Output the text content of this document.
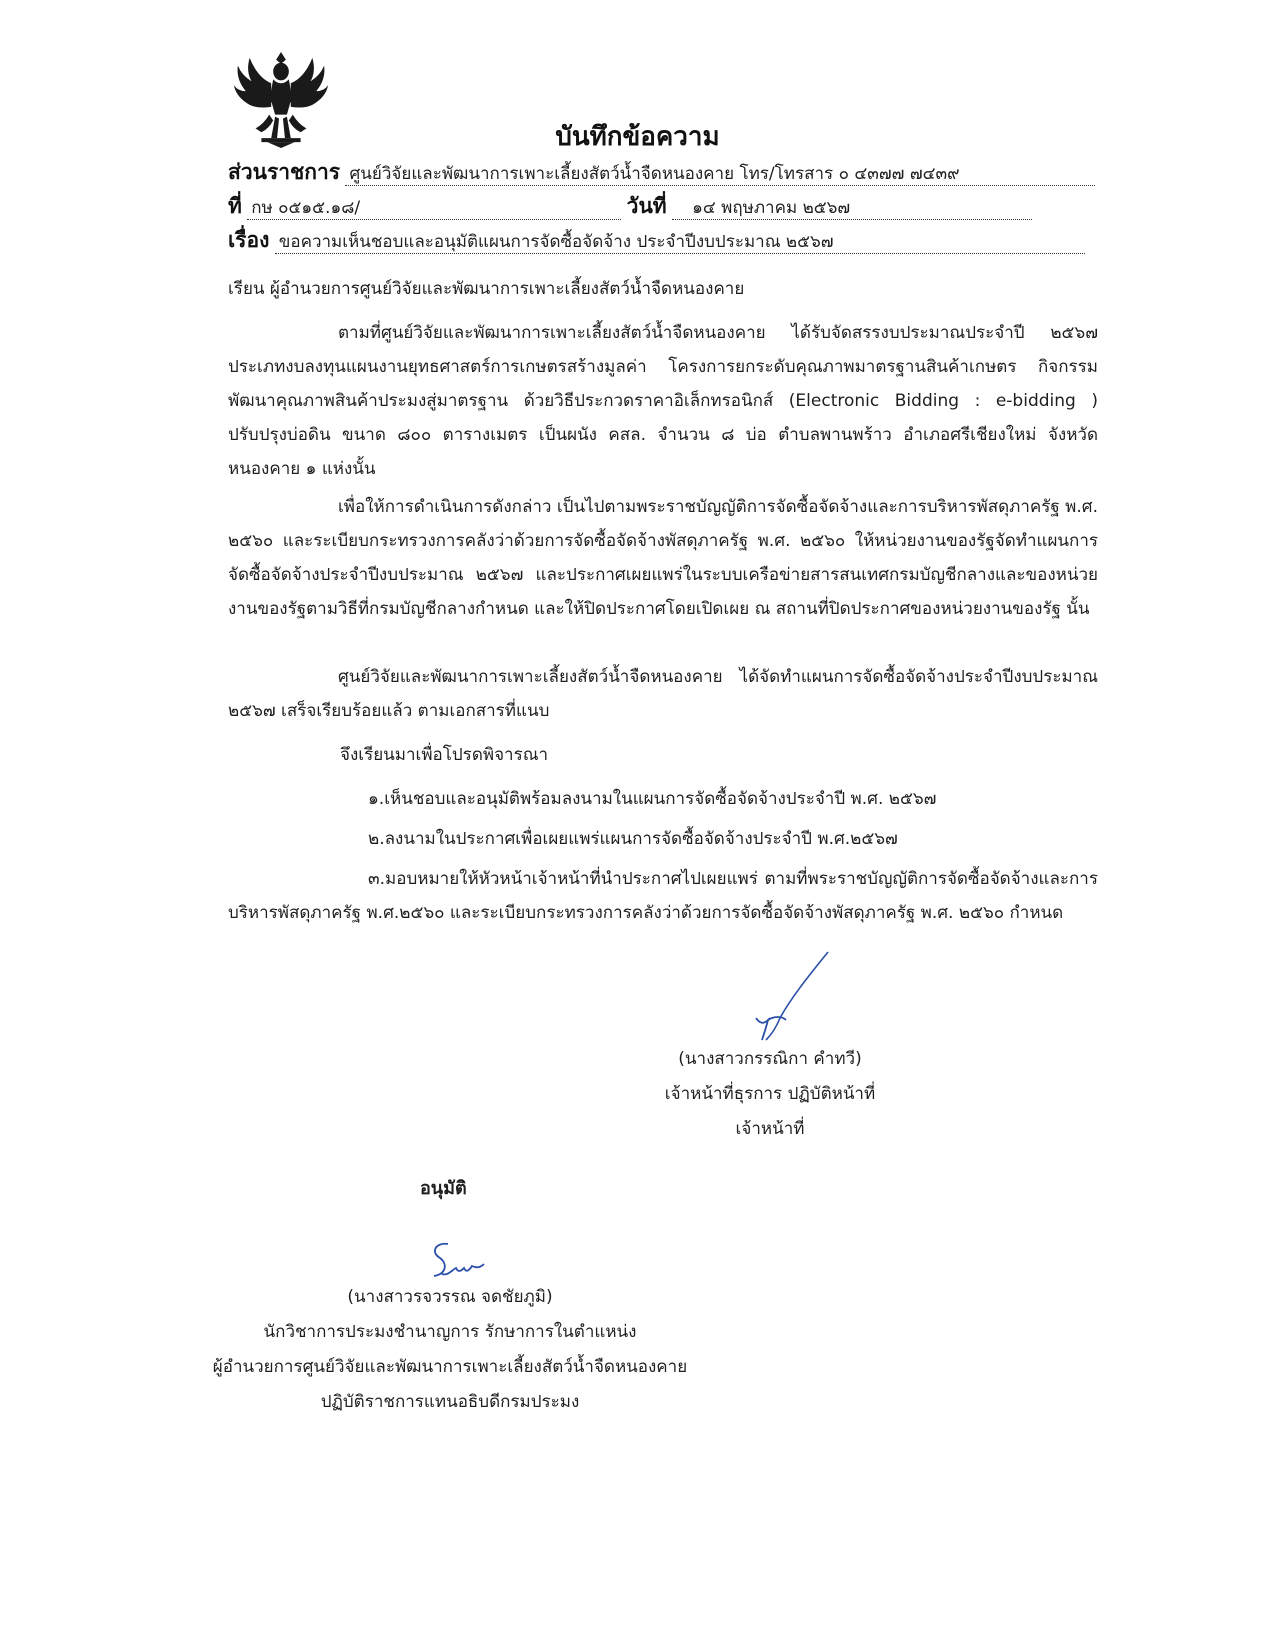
บันทึกข้อความ
ส่วนราชการ ศูนย์วิจัยและพัฒนาการเพาะเลี้ยงสัตว์น้ำจืดหนองคาย โทร/โทรสาร ๐ ๔๓๗๗ ๗๔๓๙
ที่ กษ ๐๕๑๕.๑๘/	วันที่ ๑๔ พฤษภาคม ๒๕๖๗
เรื่อง ขอความเห็นชอบและอนุมัติแผนการจัดซื้อจัดจ้าง ประจำปีงบประมาณ ๒๕๖๗
เรียน ผู้อำนวยการศูนย์วิจัยและพัฒนาการเพาะเลี้ยงสัตว์น้ำจืดหนองคาย
ตามที่ศูนย์วิจัยและพัฒนาการเพาะเลี้ยงสัตว์น้ำจืดหนองคาย ได้รับจัดสรรงบประมาณประจำปี ๒๕๖๗ ประเภทงบลงทุนแผนงานยุทธศาสตร์การเกษตรสร้างมูลค่า โครงการยกระดับคุณภาพมาตรฐานสินค้าเกษตร กิจกรรมพัฒนาคุณภาพสินค้าประมงสู่มาตรฐาน ด้วยวิธีประกวดราคาอิเล็กทรอนิกส์ (Electronic Bidding : e-bidding ) ปรับปรุงบ่อดิน ขนาด ๘๐๐ ตารางเมตร เป็นผนัง คสล. จำนวน ๘ บ่อ ตำบลพานพร้าว อำเภอศรีเชียงใหม่ จังหวัดหนองคาย ๑ แห่งนั้น
เพื่อให้การดำเนินการดังกล่าว เป็นไปตามพระราชบัญญัติการจัดซื้อจัดจ้างและการบริหารพัสดุภาครัฐ พ.ศ. ๒๕๖๐ และระเบียบกระทรวงการคลังว่าด้วยการจัดซื้อจัดจ้างพัสดุภาครัฐ พ.ศ. ๒๕๖๐ ให้หน่วยงานของรัฐจัดทำแผนการจัดซื้อจัดจ้างประจำปีงบประมาณ ๒๕๖๗ และประกาศเผยแพร่ในระบบเครือข่ายสารสนเทศกรมบัญชีกลางและของหน่วยงานของรัฐตามวิธีที่กรมบัญชีกลางกำหนด และให้ปิดประกาศโดยเปิดเผย ณ สถานที่ปิดประกาศของหน่วยงานของรัฐ นั้น
ศูนย์วิจัยและพัฒนาการเพาะเลี้ยงสัตว์น้ำจืดหนองคาย ได้จัดทำแผนการจัดซื้อจัดจ้างประจำปีงบประมาณ ๒๕๖๗ เสร็จเรียบร้อยแล้ว ตามเอกสารที่แนบ
จึงเรียนมาเพื่อโปรดพิจารณา
๑.เห็นชอบและอนุมัติพร้อมลงนามในแผนการจัดซื้อจัดจ้างประจำปี พ.ศ. ๒๕๖๗
๒.ลงนามในประกาศเพื่อเผยแพร่แผนการจัดซื้อจัดจ้างประจำปี พ.ศ.๒๕๖๗
๓.มอบหมายให้หัวหน้าเจ้าหน้าที่นำประกาศไปเผยแพร่ ตามที่พระราชบัญญัติการจัดซื้อจัดจ้างและการบริหารพัสดุภาครัฐ พ.ศ.๒๕๖๐ และระเบียบกระทรวงการคลังว่าด้วยการจัดซื้อจัดจ้างพัสดุภาครัฐ พ.ศ. ๒๕๖๐ กำหนด
(นางสาวกรรณิกา คำทวี)
เจ้าหน้าที่ธุรการ ปฏิบัติหน้าที่
เจ้าหน้าที่
อนุมัติ
(นางสาวรจวรรณ จดชัยภูมิ)
นักวิชาการประมงชำนาญการ รักษาการในตำแหน่ง
ผู้อำนวยการศูนย์วิจัยและพัฒนาการเพาะเลี้ยงสัตว์น้ำจืดหนองคาย
ปฏิบัติราชการแทนอธิบดีกรมประมง
